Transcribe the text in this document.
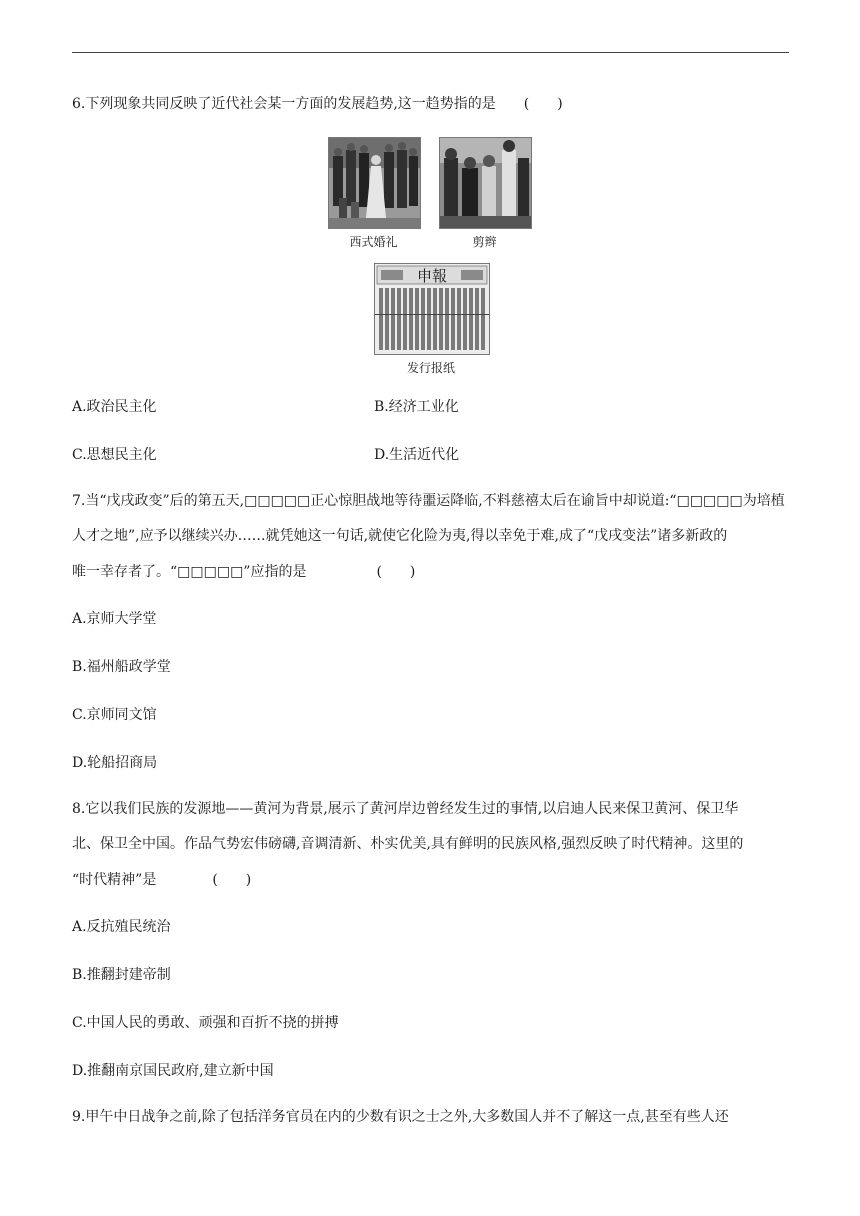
6.下列现象共同反映了近代社会某一方面的发展趋势,这一趋势指的是　　(　　)
西式婚礼	剪辫
申報
发行报纸
A.政治民主化	B.经济工业化
C.思想民主化	D.生活近代化
7.当“戊戌政变”后的第五天,□□□□□正心惊胆战地等待噩运降临,不料慈禧太后在谕旨中却说道:“□□□□□为培植
人才之地”,应予以继续兴办……就凭她这一句话,就使它化险为夷,得以幸免于难,成了“戊戌变法”诸多新政的
唯一幸存者了。“□□□□□”应指的是　　　　　(　　)
A.京师大学堂
B.福州船政学堂
C.京师同文馆
D.轮船招商局
8.它以我们民族的发源地——黄河为背景,展示了黄河岸边曾经发生过的事情,以启迪人民来保卫黄河、保卫华
北、保卫全中国。作品气势宏伟磅礴,音调清新、朴实优美,具有鲜明的民族风格,强烈反映了时代精神。这里的
“时代精神”是　　　　(　　)
A.反抗殖民统治
B.推翻封建帝制
C.中国人民的勇敢、顽强和百折不挠的拼搏
D.推翻南京国民政府,建立新中国
9.甲午中日战争之前,除了包括洋务官员在内的少数有识之士之外,大多数国人并不了解这一点,甚至有些人还
